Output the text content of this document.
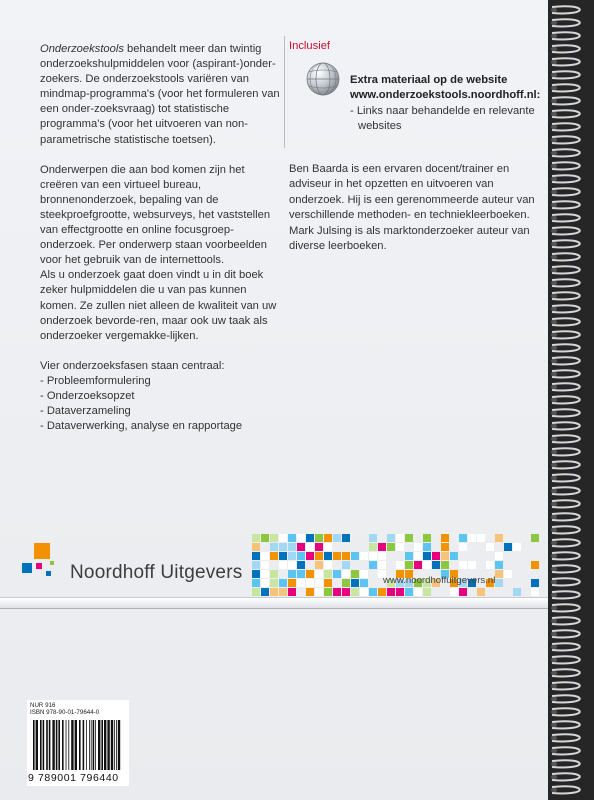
Onderzoekstools behandelt meer dan twintig onderzoekshulpmiddelen voor (aspirant-)onder-zoekers. De onderzoekstools variëren van mindmap-programma's (voor het formuleren van een onder-zoeksvraag) tot statistische programma's (voor het uitvoeren van non-parametrische statistische toetsen).

Onderwerpen die aan bod komen zijn het creëren van een virtueel bureau, bronnenonderzoek, bepaling van de steekproefgrootte, websurveys, het vaststellen van effectgrootte en online focusgroep-onderzoek. Per onderwerp staan voorbeelden voor het gebruik van de internettools.

Als u onderzoek gaat doen vindt u in dit boek zeker hulpmiddelen die u van pas kunnen komen. Ze zullen niet alleen de kwaliteit van uw onderzoek bevorde-ren, maar ook uw taak als onderzoeker vergemakke-lijken.

Vier onderzoeksfasen staan centraal:
- Probleemformulering
- Onderzoeksopzet
- Dataverzameling
- Dataverwerking, analyse en rapportage
Inclusief
Extra materiaal op de website
www.onderzoekstools.noordhoff.nl:
- Links naar behandelde en relevante
websites
Ben Baarda is een ervaren docent/trainer en adviseur in het opzetten en uitvoeren van onderzoek. Hij is een gerenommeerde auteur van verschillende methoden- en techniekleerboeken. Mark Julsing is als marktonderzoeker auteur van diverse leerboeken.
Noordhoff Uitgevers	www.noordhoffuitgevers.nl
NUR 916
ISBN 978-90-01-79644-0
9 789001 796440
